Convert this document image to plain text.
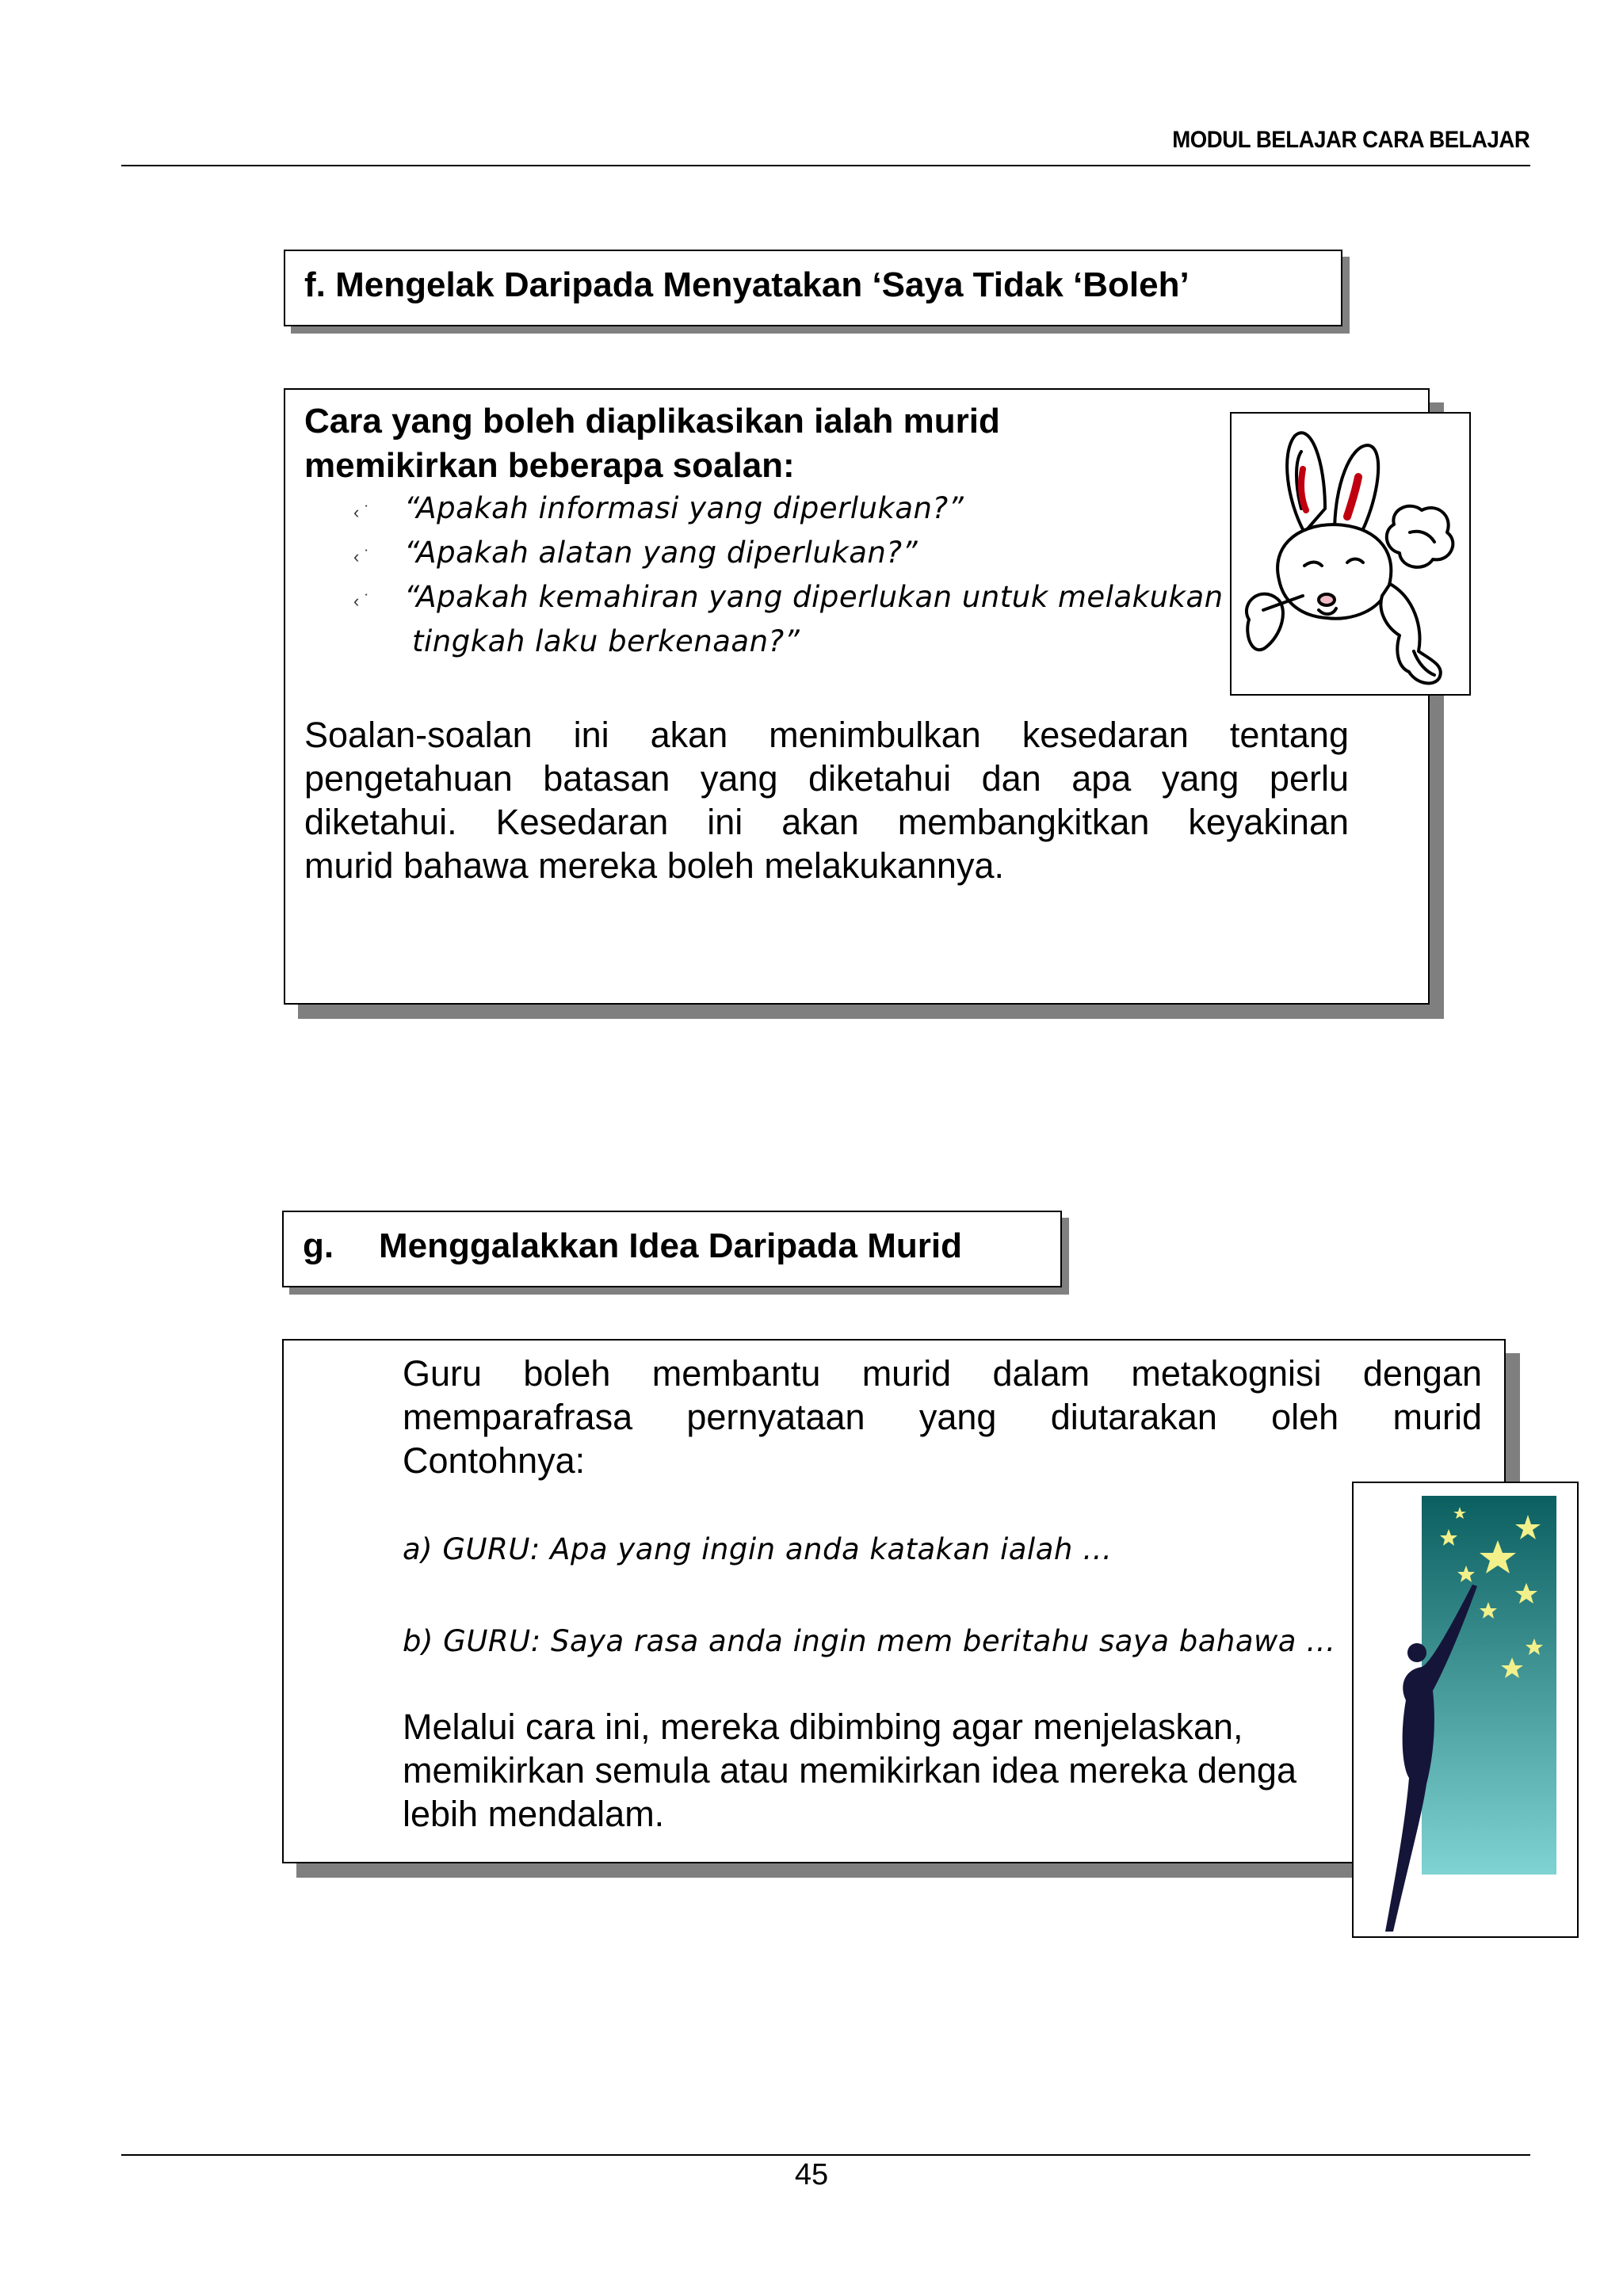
MODUL BELAJAR CARA BELAJAR
f. Mengelak Daripada Menyatakan ‘Saya Tidak ‘Boleh’
Cara yang boleh diaplikasikan ialah murid
memikirkan beberapa soalan:
‹ ˙ “Apakah informasi yang diperlukan?”
‹ ˙ “Apakah alatan yang diperlukan?”
‹ ˙ “Apakah kemahiran yang diperlukan untuk melakukan
tingkah laku berkenaan?”
Soalan-soalan ini akan menimbulkan kesedaran tentang
pengetahuan batasan yang diketahui dan apa yang perlu
diketahui. Kesedaran ini akan membangkitkan keyakinan
murid bahawa mereka boleh melakukannya.
g. Menggalakkan Idea Daripada Murid
Guru boleh membantu murid dalam metakognisi dengan
memparafrasa pernyataan yang diutarakan oleh murid
Contohnya:
a) GURU: Apa yang ingin anda katakan ialah …
b) GURU: Saya rasa anda ingin mem beritahu saya bahawa …
Melalui cara ini, mereka dibimbing agar menjelaskan,
memikirkan semula atau memikirkan idea mereka denga
lebih mendalam.
45
